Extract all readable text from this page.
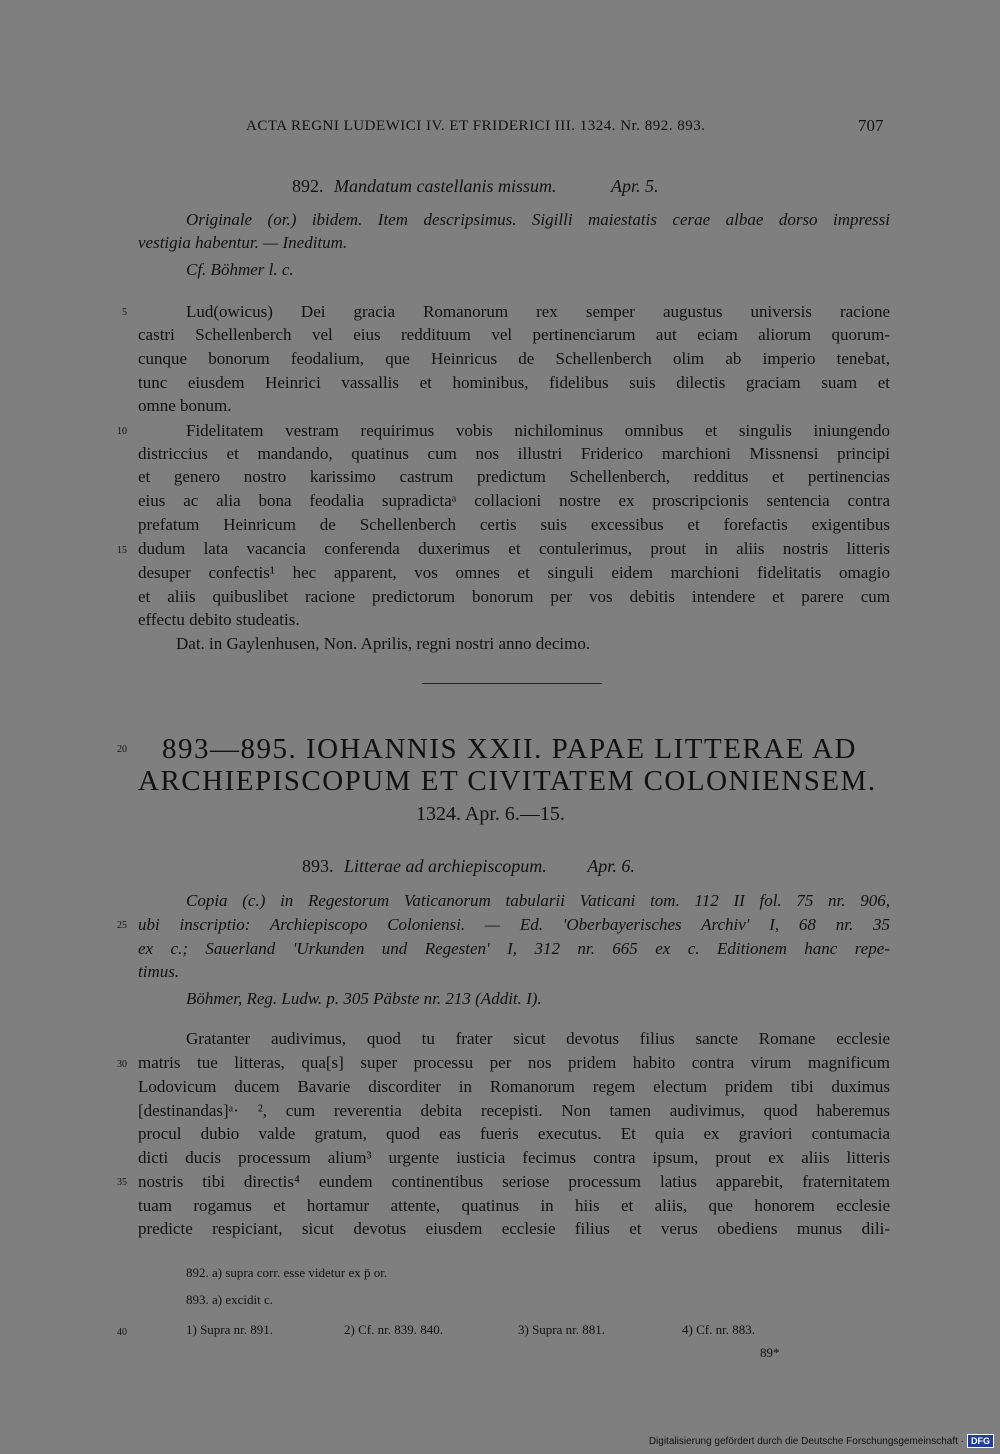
ACTA REGNI LUDEWICI IV. ET FRIDERICI III. 1324. Nr. 892. 893.	707
892. Mandatum castellanis missum.	Apr. 5.
Originale (or.) ibidem. Item descripsimus. Sigilli maiestatis cerae albae dorso impressi
vestigia habentur. — Ineditum.
Cf. Böhmer l. c.
Lud(owicus) Dei gracia Romanorum rex semper augustus universis racione
castri Schellenberch vel eius reddituum vel pertinenciarum aut eciam aliorum quorum-
cunque bonorum feodalium, que Heinricus de Schellenberch olim ab imperio tenebat,
tunc eiusdem Heinrici vassallis et hominibus, fidelibus suis dilectis graciam suam et
omne bonum.
Fidelitatem vestram requirimus vobis nichilominus omnibus et singulis iniungendo
districcius et mandando, quatinus cum nos illustri Friderico marchioni Missnensi principi
et genero nostro karissimo castrum predictum Schellenberch, redditus et pertinencias
eius ac alia bona feodalia supradictaᵃ collacioni nostre ex proscripcionis sentencia contra
prefatum Heinricum de Schellenberch certis suis excessibus et forefactis exigentibus
dudum lata vacancia conferenda duxerimus et contulerimus, prout in aliis nostris litteris
desuper confectis¹ hec apparent, vos omnes et singuli eidem marchioni fidelitatis omagio
et aliis quibuslibet racione predictorum bonorum per vos debitis intendere et parere cum
effectu debito studeatis.
Dat. in Gaylenhusen, Non. Aprilis, regni nostri anno decimo.
893—895. IOHANNIS XXII. PAPAE LITTERAE AD
ARCHIEPISCOPUM ET CIVITATEM COLONIENSEM.
1324. Apr. 6.—15.
893. Litterae ad archiepiscopum. Apr. 6.
Copia (c.) in Regestorum Vaticanorum tabularii Vaticani tom. 112 II fol. 75 nr. 906,
ubi inscriptio: Archiepiscopo Coloniensi. — Ed. 'Oberbayerisches Archiv' I, 68 nr. 35
ex c.; Sauerland 'Urkunden und Regesten' I, 312 nr. 665 ex c. Editionem hanc repe-
timus.
Böhmer, Reg. Ludw. p. 305 Päbste nr. 213 (Addit. I).
Gratanter audivimus, quod tu frater sicut devotus filius sancte Romane ecclesie
matris tue litteras, qua[s] super processu per nos pridem habito contra virum magnificum
Lodovicum ducem Bavarie discorditer in Romanorum regem electum pridem tibi duximus
[destinandas]ᵃ· ², cum reverentia debita recepisti. Non tamen audivimus, quod haberemus
procul dubio valde gratum, quod eas fueris executus. Et quia ex graviori contumacia
dicti ducis processum alium³ urgente iusticia fecimus contra ipsum, prout ex aliis litteris
nostris tibi directis⁴ eundem continentibus seriose processum latius apparebit, fraternitatem
tuam rogamus et hortamur attente, quatinus in hiis et aliis, que honorem ecclesie
predicte respiciant, sicut devotus eiusdem ecclesie filius et verus obediens munus dili-
892. a) supra corr. esse videtur ex p̄ or.
893. a) excidit c.
1) Supra nr. 891.	2) Cf. nr. 839. 840.	3) Supra nr. 881.	4) Cf. nr. 883.
89*
5
10
15
20
25
30
35
40
Digitalisierung gefördert durch die Deutsche Forschungsgemeinschaft · DFG
